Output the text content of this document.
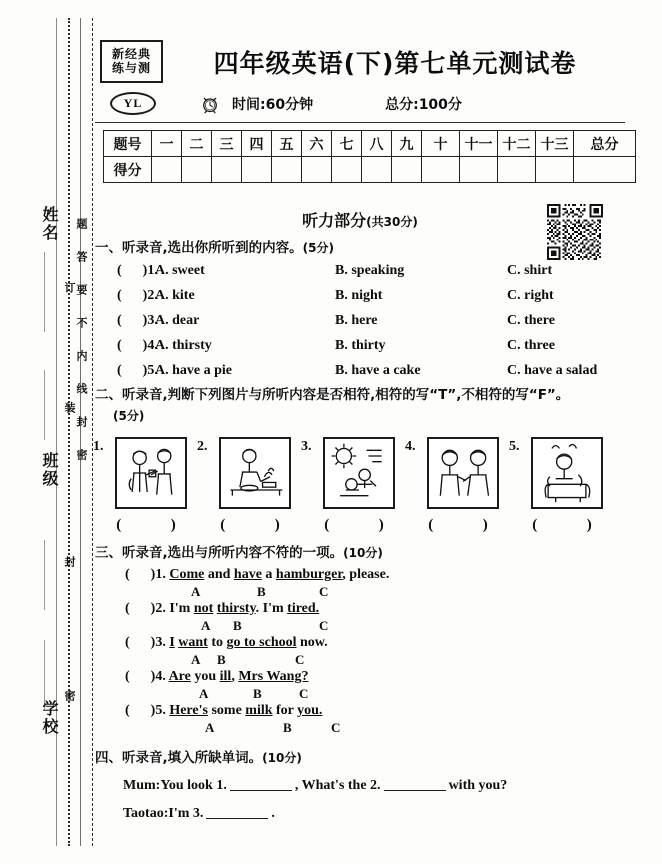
姓名
班级
学校
订
装
封
密
题答要不内线封密
新经典
练与测
YL
四年级英语(下)第七单元测试卷
时间:60分钟	总分:100分
题号	一	二	三	四	五	六	七	八	九	十	十一	十二	十三	总分
得分														
听力部分(共30分)
一、听录音,选出你所听到的内容。(5分)
(      )1.
A. sweet	B. speaking	C. shirt
(      )2.
A. kite	B. night	C. right
(      )3.
A. dear	B. here	C. there
(      )4.
A. thirsty	B. thirty	C. three
(      )5.
A. have a pie	B. have a cake	C. have a salad
二、听录音,判断下列图片与所听内容是否相符,相符的写“T”,不相符的写“F”。
(5分)
1.
(  )
2.
(  )
3.
(  )
4.
(  )
5.
(  )
三、听录音,选出与所听内容不符的一项。(10分)
(      )1. Come and have a hamburger, please.
A	B	C
(      )2. I'm not thirsty. I'm tired.
A B	C
(      )3. I want to go to school now.
A B	C
(      )4. Are you ill, Mrs Wang?
A	B	C
(      )5. Here's some milk for you.
A	B	C
四、听录音,填入所缺单词。(10分)
Mum:You look 1.	, What's the 2.	with you?
Taotao:I'm 3.	.
